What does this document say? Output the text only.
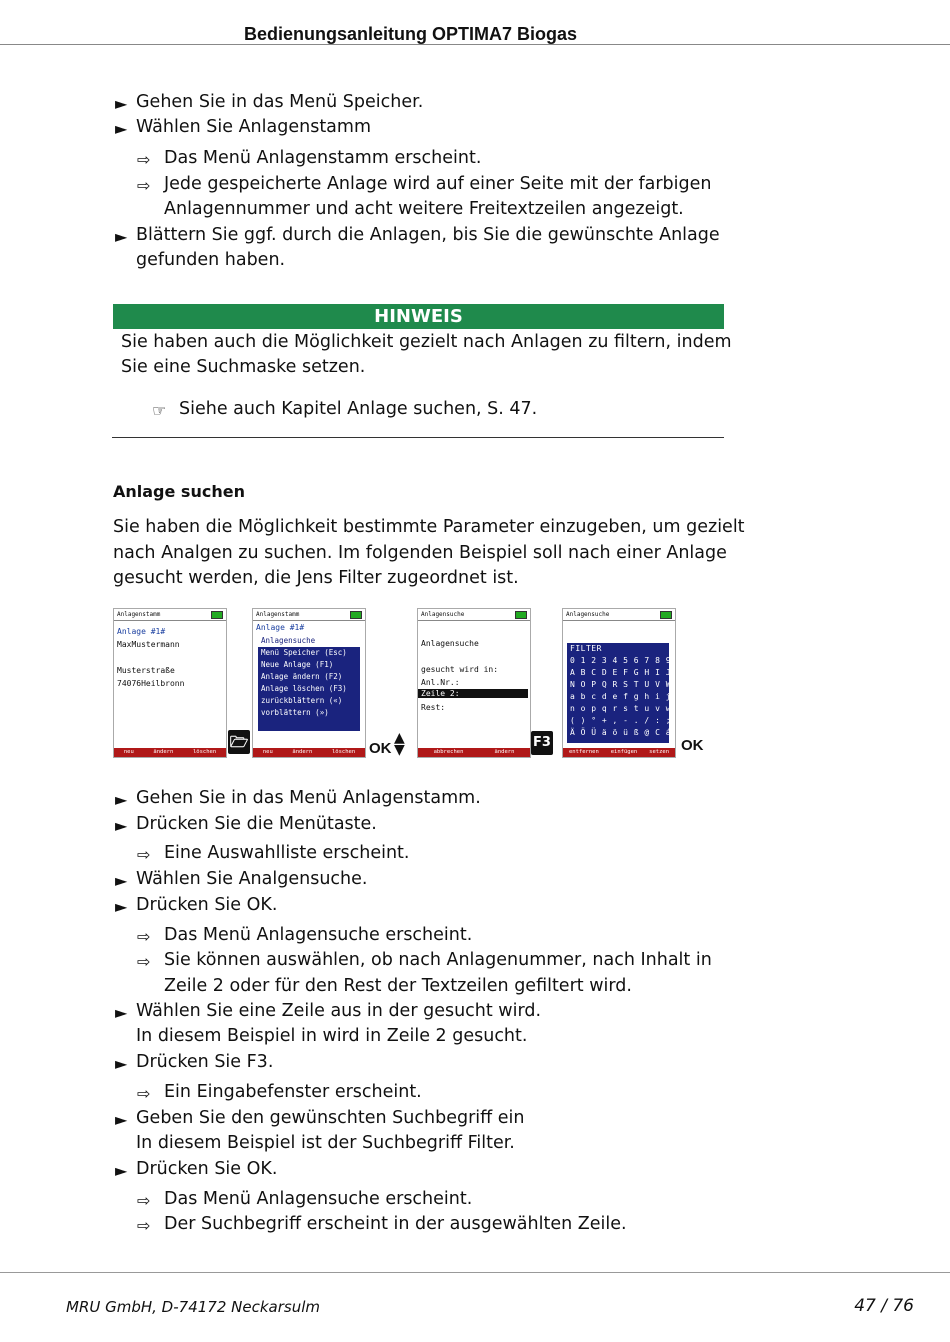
Bedienungsanleitung OPTIMA7 Biogas
► Gehen Sie in das Menü Speicher.
► Wählen Sie Anlagenstamm
⇨ Das Menü Anlagenstamm erscheint.
⇨ Jede gespeicherte Anlage wird auf einer Seite mit der farbigen
Anlagennummer und acht weitere Freitextzeilen angezeigt.
► Blättern Sie ggf. durch die Anlagen, bis Sie die gewünschte Anlage
gefunden haben.
HINWEIS
Sie haben auch die Möglichkeit gezielt nach Anlagen zu filtern, indem
Sie eine Suchmaske setzen.
☞ Siehe auch Kapitel Anlage suchen, S. 47.
Anlage suchen
Sie haben die Möglichkeit bestimmte Parameter einzugeben, um gezielt
nach Analgen zu suchen. Im folgenden Beispiel soll nach einer Anlage
gesucht werden, die Jens Filter zugeordnet ist.
Anlagenstamm
Anlage #1#
MaxMustermann
Musterstraße
74076Heilbronn
neu	ändern	löschen
🗁
Anlagenstamm
Anlage #1#
Anlagensuche
Menü Speicher (Esc)
Neue Anlage (F1)
Anlage ändern (F2)
Anlage löschen (F3)
zurückblättern («)
vorblättern (»)
neu	ändern	löschen OK
▲
▼
Anlagensuche
Anlagensuche
gesucht wird in:
Anl.Nr.:
Zeile 2:
Rest:
abbrechen	ändern
F3
Anlagensuche
FILTER
0 1 2 3 4 5 6 7 8 9 ! # &
A B C D E F G H I J K L M
N O P Q R S T U V W X Y Z
a b c d e f g h i j k l m
n o p q r s t u v w x y z
( ) ° + , - . / : ; = ?
Ä Ö Ü ä ö ü ß @ C á à é è
entfernen einfügen setzen OK
► Gehen Sie in das Menü Anlagenstamm.
► Drücken Sie die Menütaste.
⇨ Eine Auswahlliste erscheint.
► Wählen Sie Analgensuche.
► Drücken Sie OK.
⇨ Das Menü Anlagensuche erscheint.
⇨ Sie können auswählen, ob nach Anlagenummer, nach Inhalt in
Zeile 2 oder für den Rest der Textzeilen gefiltert wird.
► Wählen Sie eine Zeile aus in der gesucht wird.
In diesem Beispiel in wird in Zeile 2 gesucht.
► Drücken Sie F3.
⇨ Ein Eingabefenster erscheint.
► Geben Sie den gewünschten Suchbegriff ein
In diesem Beispiel ist der Suchbegriff Filter.
► Drücken Sie OK.
⇨ Das Menü Anlagensuche erscheint.
⇨ Der Suchbegriff erscheint in der ausgewählten Zeile.
MRU GmbH, D-74172 Neckarsulm	47 / 76
